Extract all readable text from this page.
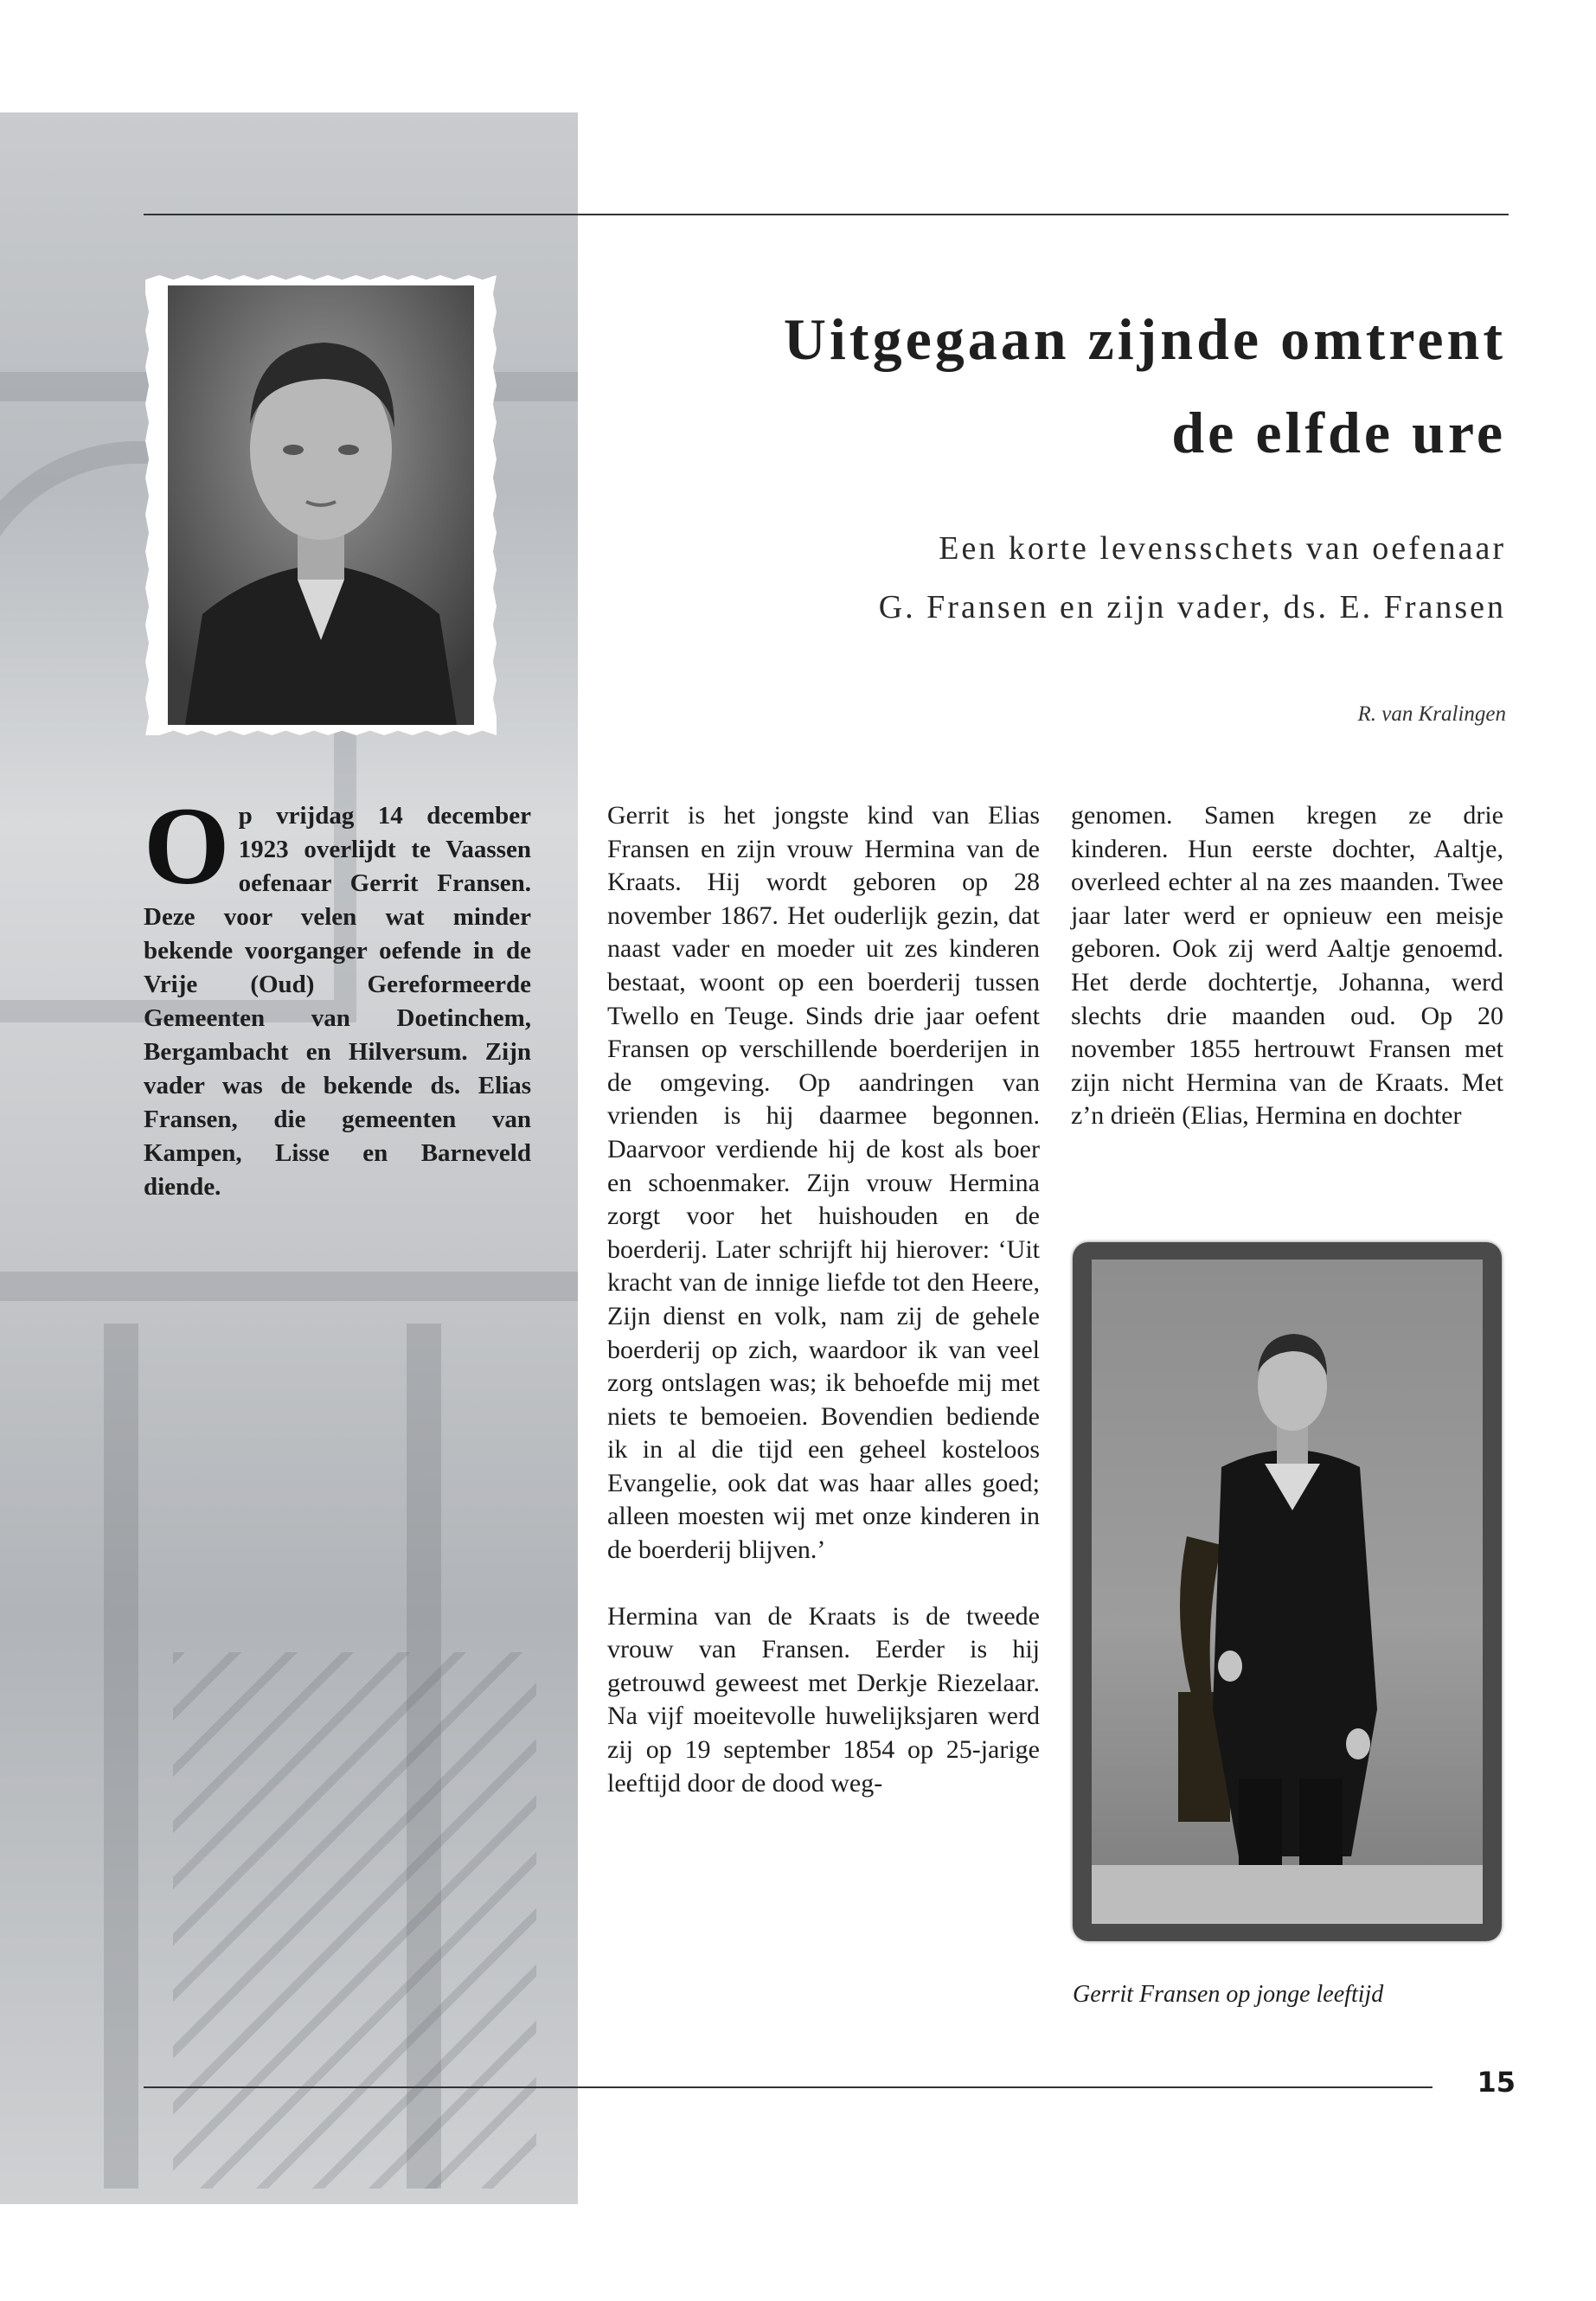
Uitgegaan zijnde omtrent
de elfde ure
Een korte levensschets van oefenaar
G. Fransen en zijn vader, ds. E. Fransen
R. van Kralingen
Op vrijdag 14 december 1923 overlijdt te Vaassen oefenaar Gerrit Fransen. Deze voor velen wat minder bekende voorganger oefende in de Vrije (Oud) Gereformeerde Gemeenten van Doetinchem, Bergambacht en Hilversum. Zijn vader was de bekende ds. Elias Fransen, die gemeenten van Kampen, Lisse en Barneveld diende.

Gerrit is het jongste kind van Elias Fransen en zijn vrouw Hermina van de Kraats. Hij wordt geboren op 28 november 1867. Het ouderlijk gezin, dat naast vader en moeder uit zes kinderen bestaat, woont op een boerderij tussen Twello en Teuge. Sinds drie jaar oefent Fransen op verschillende boerderijen in de omgeving. Op aandringen van vrienden is hij daarmee begonnen. Daarvoor verdiende hij de kost als boer en schoenmaker. Zijn vrouw Hermina zorgt voor het huishouden en de boerderij. Later schrijft hij hierover: ‘Uit kracht van de innige liefde tot den Heere, Zijn dienst en volk, nam zij de gehele boerderij op zich, waardoor ik van veel zorg ontslagen was; ik behoefde mij met niets te bemoeien. Bovendien bediende ik in al die tijd een geheel kosteloos Evangelie, ook dat was haar alles goed; alleen moesten wij met onze kinderen in de boerderij blijven.’

Hermina van de Kraats is de tweede vrouw van Fransen. Eerder is hij getrouwd geweest met Derkje Riezelaar. Na vijf moeitevolle huwelijksjaren werd zij op 19 september 1854 op 25-jarige leeftijd door de dood weg-

genomen. Samen kregen ze drie kinderen. Hun eerste dochter, Aaltje, overleed echter al na zes maanden. Twee jaar later werd er opnieuw een meisje geboren. Ook zij werd Aaltje genoemd. Het derde dochtertje, Johanna, werd slechts drie maanden oud. Op 20 november 1855 hertrouwt Fransen met zijn nicht Hermina van de Kraats. Met z’n drieën (Elias, Hermina en dochter

Gerrit Fransen op jonge leeftijd
15
